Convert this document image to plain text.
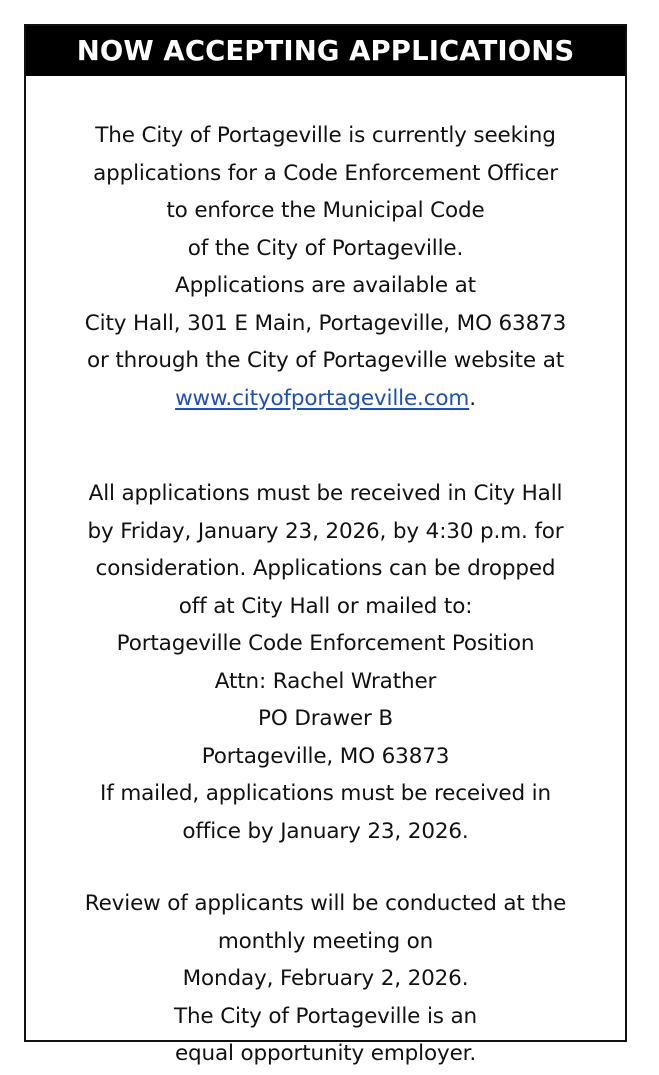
NOW ACCEPTING APPLICATIONS
The City of Portageville is currently seeking
applications for a Code Enforcement Officer
to enforce the Municipal Code
of the City of Portageville.
Applications are available at
City Hall, 301 E Main, Portageville, MO 63873
or through the City of Portageville website at
www.cityofportageville.com.
All applications must be received in City Hall
by Friday, January 23, 2026, by 4:30 p.m. for
consideration. Applications can be dropped
off at City Hall or mailed to:
Portageville Code Enforcement Position
Attn: Rachel Wrather
PO Drawer B
Portageville, MO 63873
If mailed, applications must be received in
office by January 23, 2026.
Review of applicants will be conducted at the
monthly meeting on
Monday, February 2, 2026.
The City of Portageville is an
equal opportunity employer.
